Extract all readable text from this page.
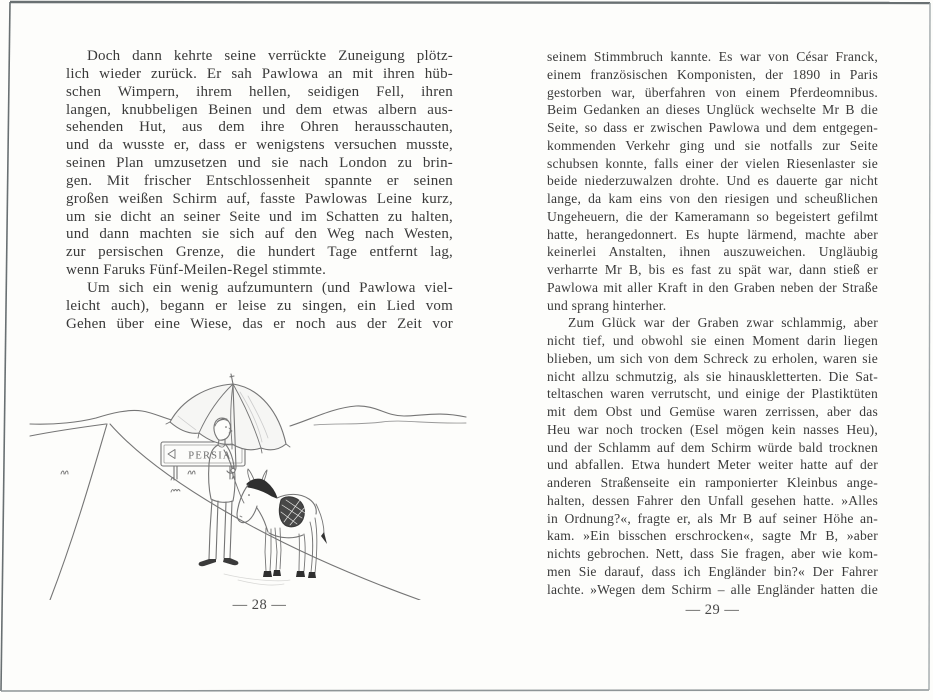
Doch dann kehrte seine verrückte Zuneigung plötz-
lich wieder zurück. Er sah Pawlowa an mit ihren hüb-
schen Wimpern, ihrem hellen, seidigen Fell, ihren
langen, knubbeligen Beinen und dem etwas albern aus-
sehenden Hut, aus dem ihre Ohren herausschauten,
und da wusste er, dass er wenigstens versuchen musste,
seinen Plan umzusetzen und sie nach London zu brin-
gen. Mit frischer Entschlossenheit spannte er seinen
großen weißen Schirm auf, fasste Pawlowas Leine kurz,
um sie dicht an seiner Seite und im Schatten zu halten,
und dann machten sie sich auf den Weg nach Westen,
zur persischen Grenze, die hundert Tage entfernt lag,
wenn Faruks Fünf-Meilen-Regel stimmte.
Um sich ein wenig aufzumuntern (und Pawlowa viel-
leicht auch), begann er leise zu singen, ein Lied vom
Gehen über eine Wiese, das er noch aus der Zeit vor
PERSIA
— 28 —
seinem Stimmbruch kannte. Es war von César Franck,
einem französischen Komponisten, der 1890 in Paris
gestorben war, überfahren von einem Pferdeomnibus.
Beim Gedanken an dieses Unglück wechselte Mr B die
Seite, so dass er zwischen Pawlowa und dem entgegen-
kommenden Verkehr ging und sie notfalls zur Seite
schubsen konnte, falls einer der vielen Riesenlaster sie
beide niederzuwalzen drohte. Und es dauerte gar nicht
lange, da kam eins von den riesigen und scheußlichen
Ungeheuern, die der Kameramann so begeistert gefilmt
hatte, herangedonnert. Es hupte lärmend, machte aber
keinerlei Anstalten, ihnen auszuweichen. Ungläubig
verharrte Mr B, bis es fast zu spät war, dann stieß er
Pawlowa mit aller Kraft in den Graben neben der Straße
und sprang hinterher.
Zum Glück war der Graben zwar schlammig, aber
nicht tief, und obwohl sie einen Moment darin liegen
blieben, um sich von dem Schreck zu erholen, waren sie
nicht allzu schmutzig, als sie hinauskletterten. Die Sat-
teltaschen waren verrutscht, und einige der Plastiktüten
mit dem Obst und Gemüse waren zerrissen, aber das
Heu war noch trocken (Esel mögen kein nasses Heu),
und der Schlamm auf dem Schirm würde bald trocknen
und abfallen. Etwa hundert Meter weiter hatte auf der
anderen Straßenseite ein ramponierter Kleinbus ange-
halten, dessen Fahrer den Unfall gesehen hatte. »Alles
in Ordnung?«, fragte er, als Mr B auf seiner Höhe an-
kam. »Ein bisschen erschrocken«, sagte Mr B, »aber
nichts gebrochen. Nett, dass Sie fragen, aber wie kom-
men Sie darauf, dass ich Engländer bin?« Der Fahrer
lachte. »Wegen dem Schirm – alle Engländer hatten die
— 29 —
